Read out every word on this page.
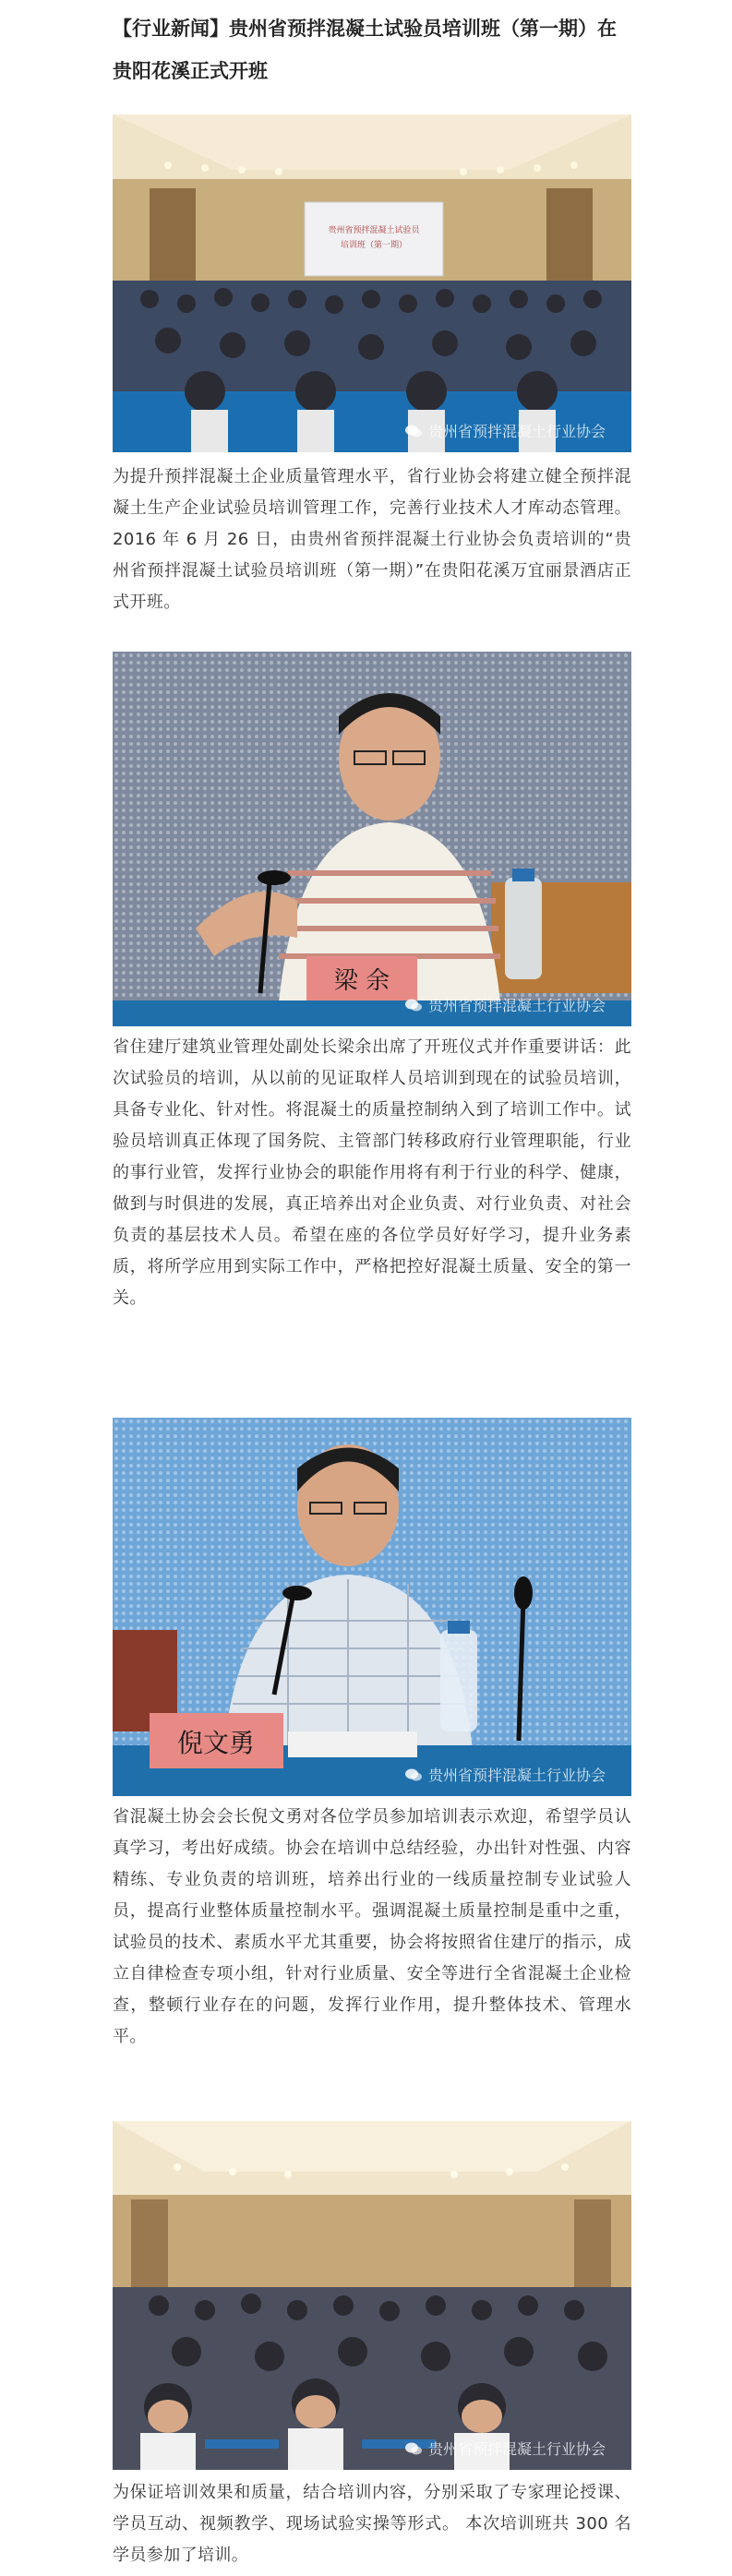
【行业新闻】贵州省预拌混凝土试验员培训班（第一期）在贵阳花溪正式开班
贵州省预拌混凝土试验员
培训班（第一期）
贵州省预拌混凝土行业协会
为提升预拌混凝土企业质量管理水平，省行业协会将建立健全预拌混凝土生产企业试验员培训管理工作，完善行业技术人才库动态管理。2016 年 6 月 26 日，由贵州省预拌混凝土行业协会负责培训的“贵州省预拌混凝土试验员培训班（第一期）”在贵阳花溪万宜丽景酒店正式开班。
梁 余
贵州省预拌混凝土行业协会
省住建厅建筑业管理处副处长梁余出席了开班仪式并作重要讲话：此次试验员的培训，从以前的见证取样人员培训到现在的试验员培训，具备专业化、针对性。将混凝土的质量控制纳入到了培训工作中。试验员培训真正体现了国务院、主管部门转移政府行业管理职能，行业的事行业管，发挥行业协会的职能作用将有利于行业的科学、健康，做到与时俱进的发展，真正培养出对企业负责、对行业负责、对社会负责的基层技术人员。希望在座的各位学员好好学习，提升业务素质，将所学应用到实际工作中，严格把控好混凝土质量、安全的第一关。
倪文勇
贵州省预拌混凝土行业协会
省混凝土协会会长倪文勇对各位学员参加培训表示欢迎，希望学员认真学习，考出好成绩。协会在培训中总结经验，办出针对性强、内容精练、专业负责的培训班，培养出行业的一线质量控制专业试验人员，提高行业整体质量控制水平。强调混凝土质量控制是重中之重，试验员的技术、素质水平尤其重要，协会将按照省住建厅的指示，成立自律检查专项小组，针对行业质量、安全等进行全省混凝土企业检查，整顿行业存在的问题，发挥行业作用，提升整体技术、管理水平。
贵州省预拌混凝土行业协会
为保证培训效果和质量，结合培训内容，分别采取了专家理论授课、学员互动、视频教学、现场试验实操等形式。 本次培训班共 300 名学员参加了培训。
